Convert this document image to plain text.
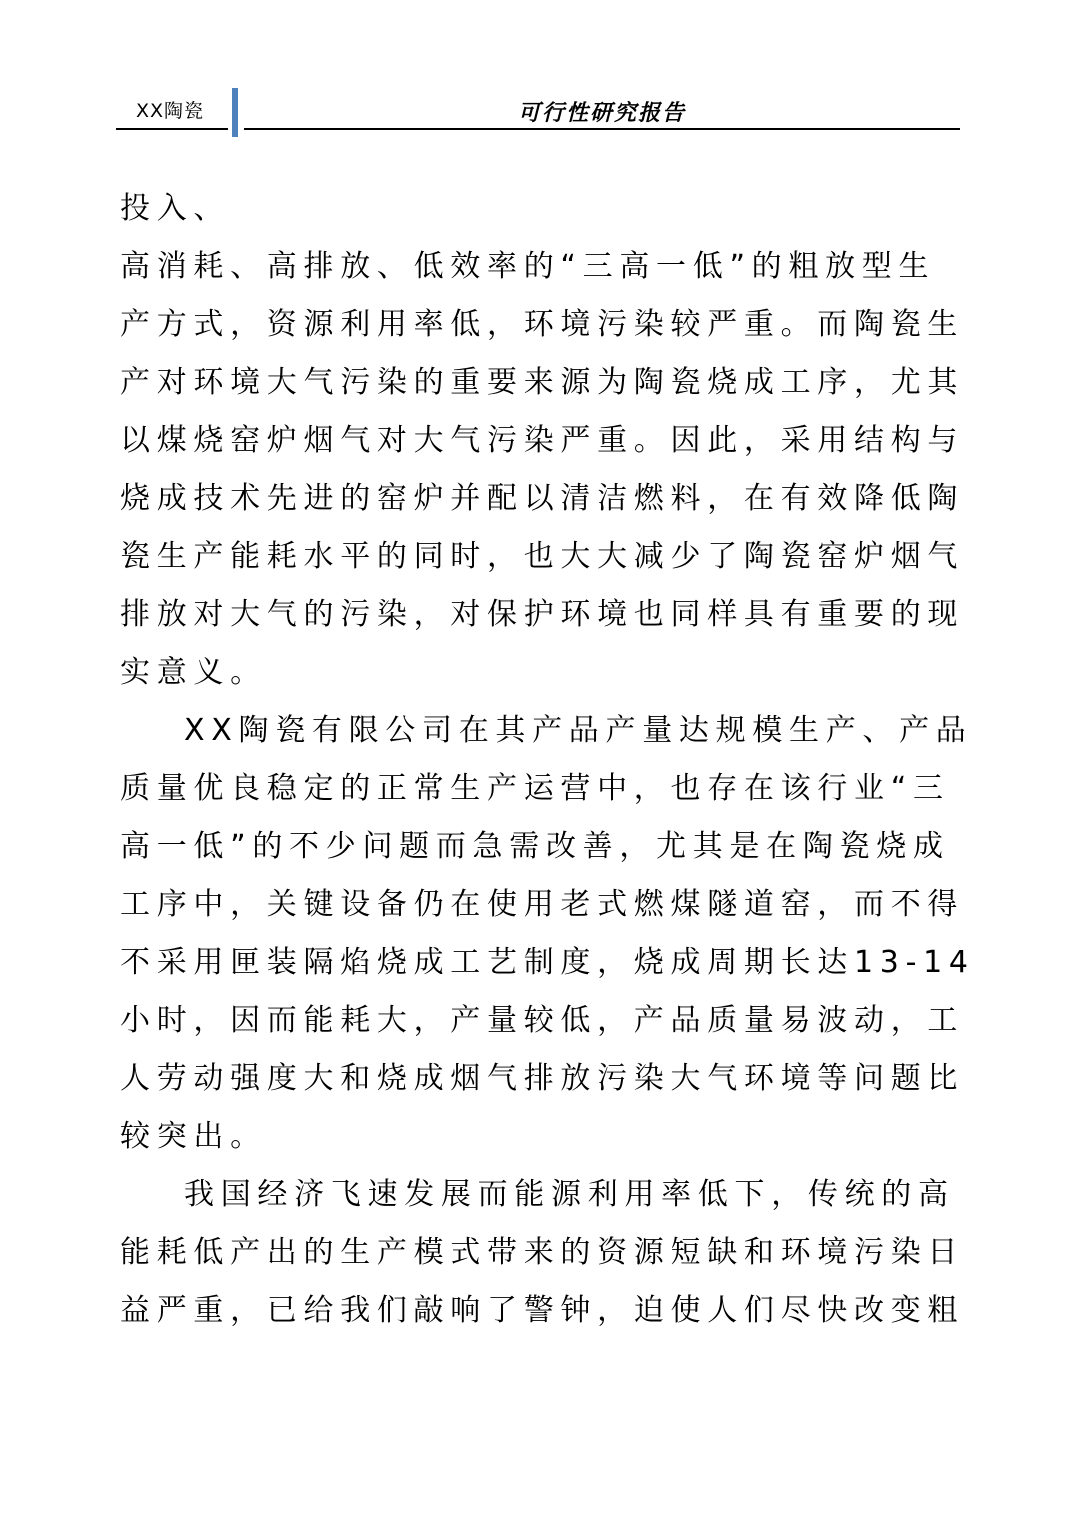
XX陶瓷	可行性研究报告
投入、
高消耗、高排放、低效率的“三高一低”的粗放型生
产方式，资源利用率低，环境污染较严重。而陶瓷生
产对环境大气污染的重要来源为陶瓷烧成工序，尤其
以煤烧窑炉烟气对大气污染严重。因此，采用结构与
烧成技术先进的窑炉并配以清洁燃料，在有效降低陶
瓷生产能耗水平的同时，也大大减少了陶瓷窑炉烟气
排放对大气的污染，对保护环境也同样具有重要的现
实意义。
XX陶瓷有限公司在其产品产量达规模生产、产品
质量优良稳定的正常生产运营中，也存在该行业“三
高一低”的不少问题而急需改善，尤其是在陶瓷烧成
工序中，关键设备仍在使用老式燃煤隧道窑，而不得
不采用匣装隔焰烧成工艺制度，烧成周期长达13-14
小时，因而能耗大，产量较低，产品质量易波动，工
人劳动强度大和烧成烟气排放污染大气环境等问题比
较突出。
我国经济飞速发展而能源利用率低下，传统的高
能耗低产出的生产模式带来的资源短缺和环境污染日
益严重，已给我们敲响了警钟，迫使人们尽快改变粗
